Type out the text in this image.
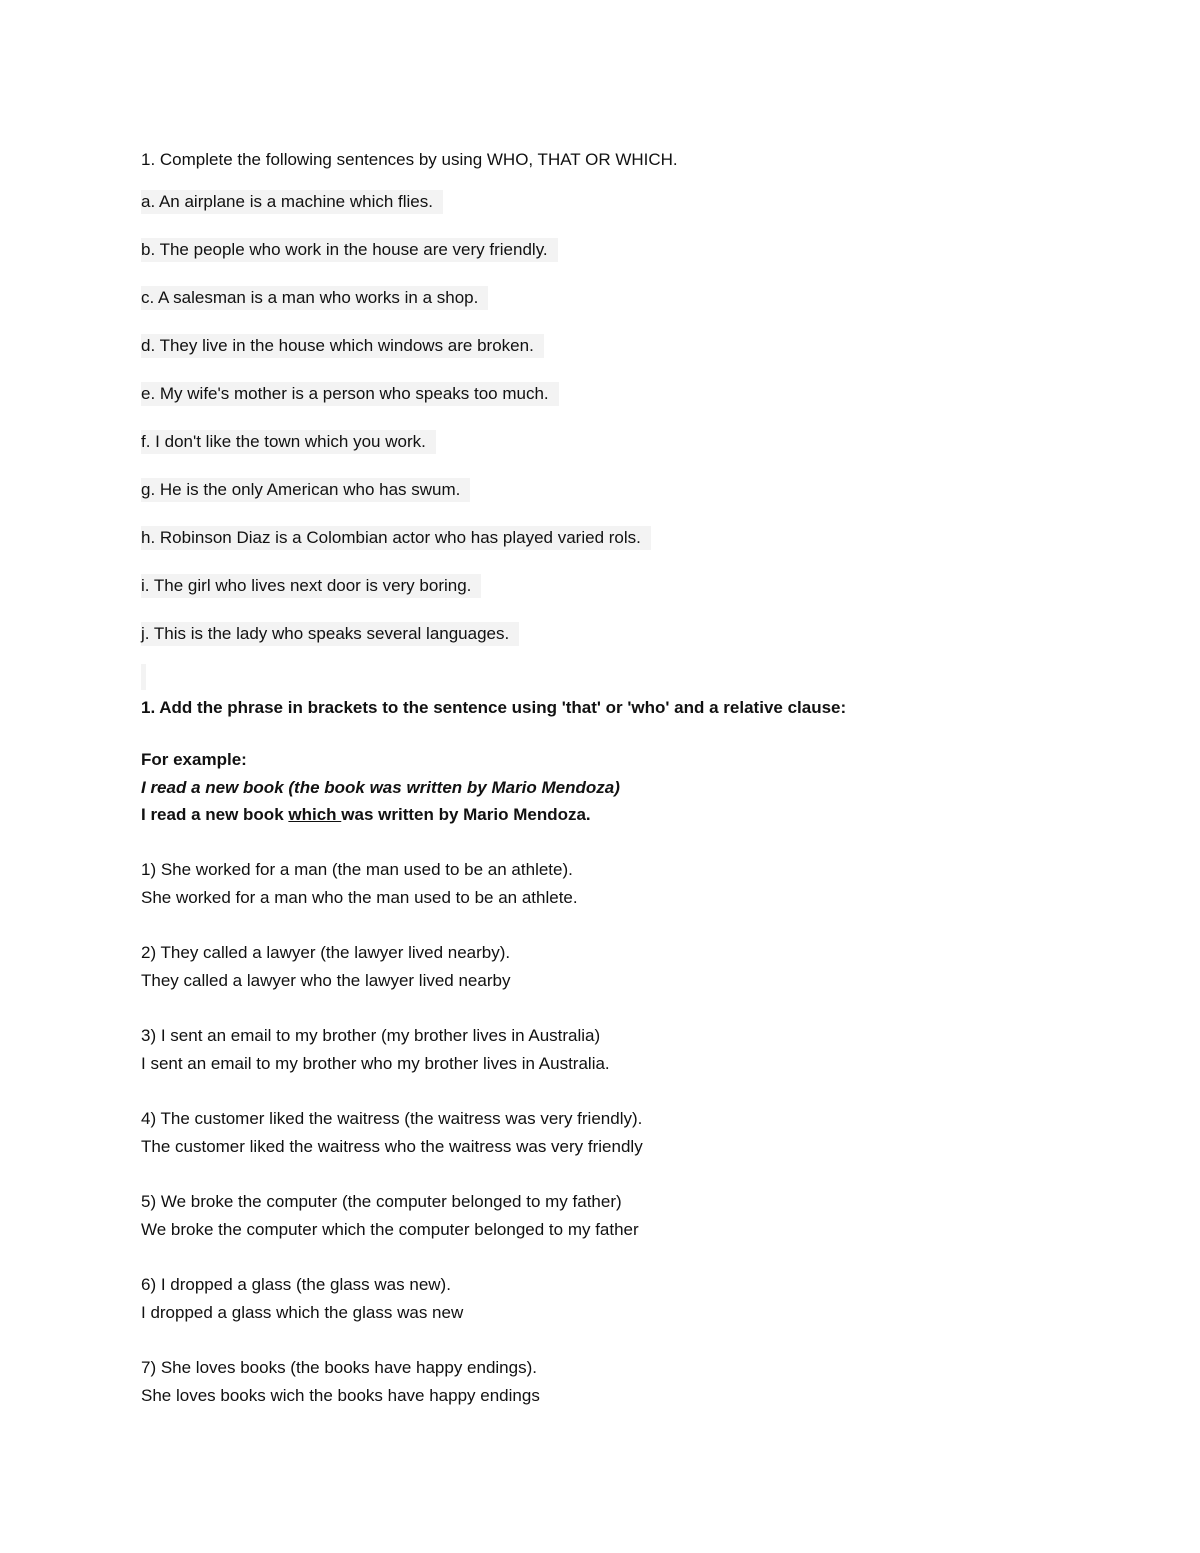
1. Complete the following sentences by using WHO, THAT OR WHICH.
a. An airplane is a machine which flies.
b. The people who work in the house are very friendly.
c. A salesman is a man who works in a shop.
d. They live in the house which windows are broken.
e. My wife's mother is a person who speaks too much.
f. I don't like the town which you work.
g. He is the only American who has swum.
h. Robinson Diaz is a Colombian actor who has played varied rols.
i. The girl who lives next door is very boring.
j. This is the lady who speaks several languages.
1. Add the phrase in brackets to the sentence using 'that' or 'who' and a relative clause:
For example:
I read a new book (the book was written by Mario Mendoza)
I read a new book which was written by Mario Mendoza.
1) She worked for a man (the man used to be an athlete).
She worked for a man who the man used to be an athlete.
2) They called a lawyer (the lawyer lived nearby).
They called a lawyer who the lawyer lived nearby
3) I sent an email to my brother (my brother lives in Australia)
I sent an email to my brother who my brother lives in Australia.
4) The customer liked the waitress (the waitress was very friendly).
The customer liked the waitress who the waitress was very friendly
5) We broke the computer (the computer belonged to my father)
We broke the computer which the computer belonged to my father
6) I dropped a glass (the glass was new).
I dropped a glass which the glass was new
7) She loves books (the books have happy endings).
She loves books wich the books have happy endings
